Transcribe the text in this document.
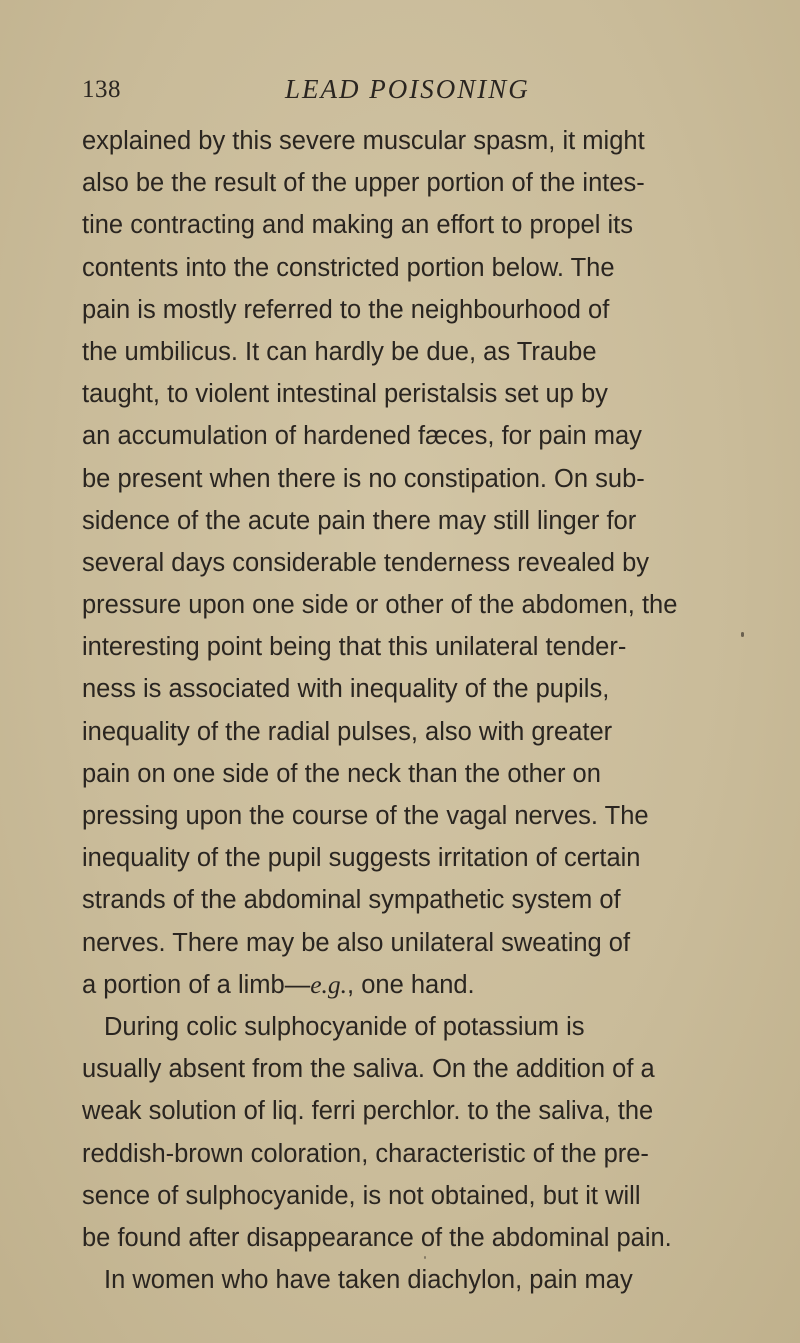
138	LEAD POISONING
explained by this severe muscular spasm, it might
also be the result of the upper portion of the intes-
tine contracting and making an effort to propel its
contents into the constricted portion below. The
pain is mostly referred to the neighbourhood of
the umbilicus. It can hardly be due, as Traube
taught, to violent intestinal peristalsis set up by
an accumulation of hardened fæces, for pain may
be present when there is no constipation. On sub-
sidence of the acute pain there may still linger for
several days considerable tenderness revealed by
pressure upon one side or other of the abdomen, the
interesting point being that this unilateral tender-
ness is associated with inequality of the pupils,
inequality of the radial pulses, also with greater
pain on one side of the neck than the other on
pressing upon the course of the vagal nerves. The
inequality of the pupil suggests irritation of certain
strands of the abdominal sympathetic system of
nerves. There may be also unilateral sweating of
a portion of a limb—e.g., one hand.
During colic sulphocyanide of potassium is
usually absent from the saliva. On the addition of a
weak solution of liq. ferri perchlor. to the saliva, the
reddish-brown coloration, characteristic of the pre-
sence of sulphocyanide, is not obtained, but it will
be found after disappearance of the abdominal pain.
In women who have taken diachylon, pain may
